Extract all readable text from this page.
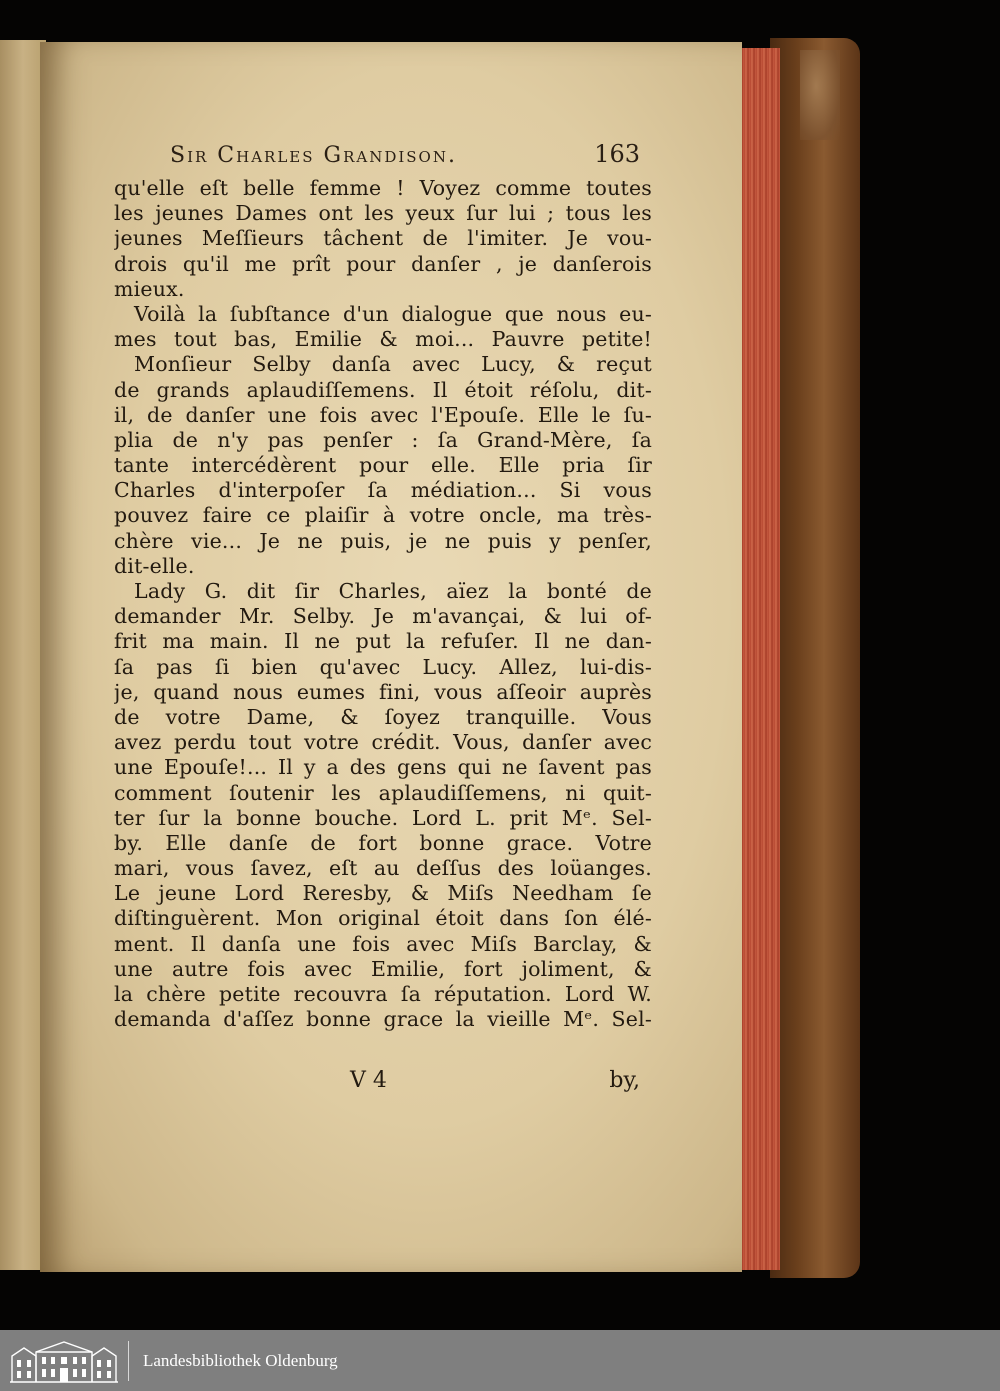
Sir Charles Grandison.	163
qu'elle eſt belle femme ! Voyez comme toutes
les jeunes Dames ont les yeux ſur lui ; tous les
jeunes Meſſieurs tâchent de l'imiter. Je vou-
drois qu'il me prît pour danſer , je danſerois
mieux.
Voilà la ſubſtance d'un dialogue que nous eu-
mes tout bas, Emilie & moi... Pauvre petite!
Monſieur Selby danſa avec Lucy, & reçut
de grands aplaudiſſemens. Il étoit réſolu, dit-
il, de danſer une fois avec l'Epouſe. Elle le ſu-
plia de n'y pas penſer : ſa Grand-Mère, ſa
tante intercédèrent pour elle. Elle pria ſir
Charles d'interpoſer ſa médiation... Si vous
pouvez faire ce plaiſir à votre oncle, ma très-
chère vie... Je ne puis, je ne puis y penſer,
dit-elle.
Lady G. dit ſir Charles, aïez la bonté de
demander Mr. Selby. Je m'avançai, & lui of-
frit ma main. Il ne put la refuſer. Il ne dan-
ſa pas ſi bien qu'avec Lucy. Allez, lui-dis-
je, quand nous eumes fini, vous aſſeoir auprès
de votre Dame, & ſoyez tranquille. Vous
avez perdu tout votre crédit. Vous, danſer avec
une Epouſe!... Il y a des gens qui ne ſavent pas
comment ſoutenir les aplaudiſſemens, ni quit-
ter ſur la bonne bouche. Lord L. prit Mᵉ. Sel-
by. Elle danſe de fort bonne grace. Votre
mari, vous ſavez, eſt au deſſus des loüanges.
Le jeune Lord Reresby, & Miſs Needham ſe
diſtinguèrent. Mon original étoit dans ſon élé-
ment. Il danſa une fois avec Miſs Barclay, &
une autre fois avec Emilie, fort joliment, &
la chère petite recouvra ſa réputation. Lord W.
demanda d'aſſez bonne grace la vieille Mᵉ. Sel-
V 4	by,
Landesbibliothek Oldenburg
